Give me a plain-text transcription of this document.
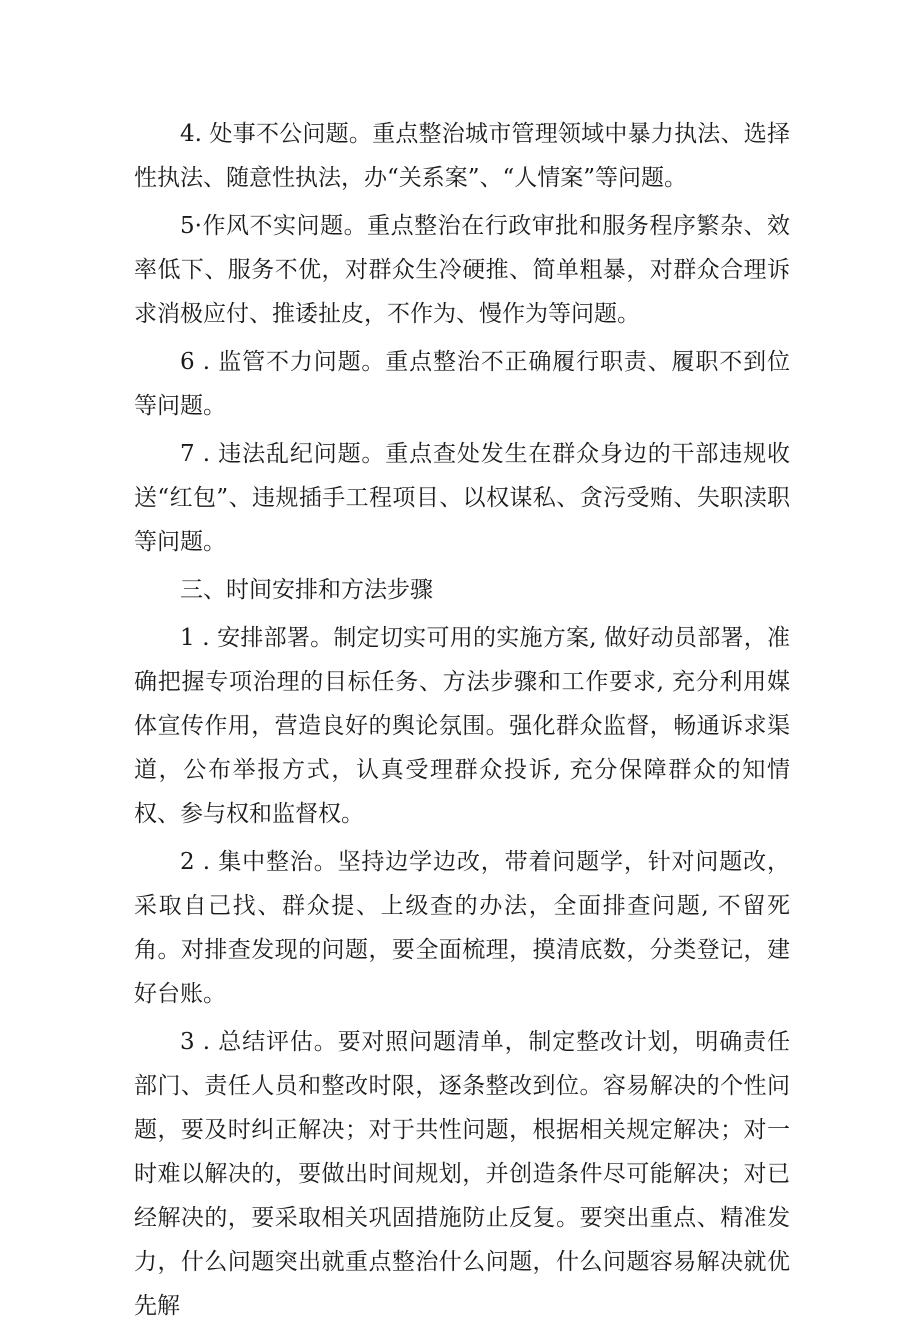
4. 处事不公问题。重点整治城市管理领域中暴力执法、选择性执法、随意性执法，办“关系案”、“人情案”等问题。

5·作风不实问题。重点整治在行政审批和服务程序繁杂、效率低下、服务不优，对群众生冷硬推、简单粗暴，对群众合理诉求消极应付、推诿扯皮，不作为、慢作为等问题。

6 . 监管不力问题。重点整治不正确履行职责、履职不到位等问题。

7 . 违法乱纪问题。重点查处发生在群众身边的干部违规收送“红包”、违规插手工程项目、以权谋私、贪污受贿、失职渎职等问题。

三、时间安排和方法步骤

1 . 安排部署。制定切实可用的实施方案, 做好动员部署，准确把握专项治理的目标任务、方法步骤和工作要求, 充分利用媒体宣传作用，营造良好的舆论氛围。强化群众监督，畅通诉求渠道，公布举报方式，认真受理群众投诉, 充分保障群众的知情权、参与权和监督权。

2 . 集中整治。坚持边学边改，带着问题学，针对问题改，采取自己找、群众提、上级查的办法，全面排查问题, 不留死角。对排查发现的问题，要全面梳理，摸清底数，分类登记，建好台账。

3 . 总结评估。要对照问题清单，制定整改计划，明确责任部门、责任人员和整改时限，逐条整改到位。容易解决的个性问题，要及时纠正解决；对于共性问题，根据相关规定解决；对一时难以解决的，要做出时间规划，并创造条件尽可能解决；对已经解决的，要采取相关巩固措施防止反复。要突出重点、精准发力，什么问题突出就重点整治什么问题，什么问题容易解决就优先解
